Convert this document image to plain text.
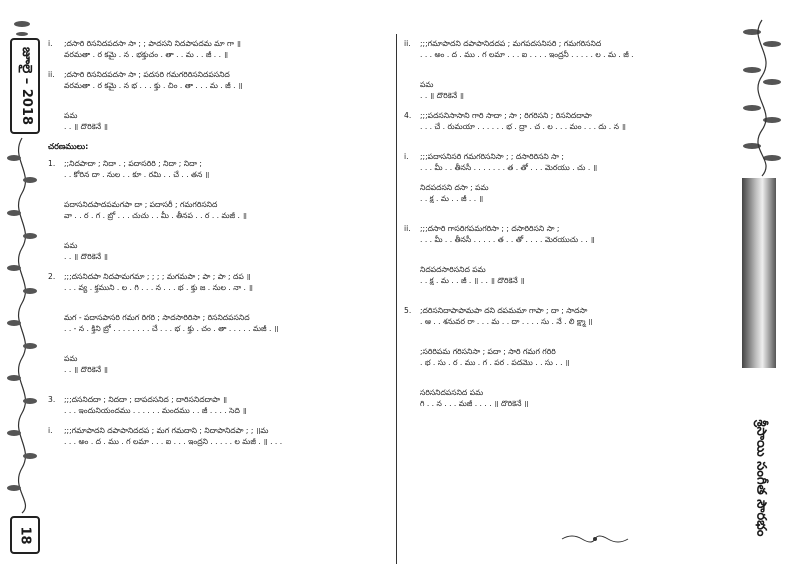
జూలై – 2018
18	శ్రీసాయి సంగీత సౌరభం
i.	;దసారి రిసనిదపదసా సా ; ; పాదసని నిదపాపదమ మా గా ॥
వరమతా . ర కమై . న . భక్తుచం . తా . . మ . . జీ . . ॥
ii.	;దసారి రిసనిదపదసా సా ; పదసరి గమగరిరిసనిదపసనిద
వరమతా . ర కమై . న భ . . . క్తు . చిం . తా . . . మ . జీ . ॥
పమ
. . ॥ దొరికెనే ॥
చరణములు:
1.	;;నిదపాదా ; నిదా . ; పదాసరిరి ; నిదా ; నిదా ;
. . కోరిన దా . నుల . . కూ . రమి . . చే . . తన ॥
పదాసనిదపాదపమగపా దా ; పదాసరీ ; గమగరిసనిద
వా . . ర . గ . బ్రో . . . చుచు . . మీ . తీనప . . ర . . మజీ . ॥
పమ
. . ॥ దొరికెనే ॥
2.	;;;దసనిదపా నిదపామగమా ; ; ; ; మగమపా ; పా ; పా ; దప ॥
. . . వ్య . క్తముని . ల . గి . . . న . . . భ . క్తు జ . నుల . నా . ॥
మగ - పదాసపాసరి గమగ రిగరి ; సాదసారిరిసా ; రిసనిదపసనిద
. . - న . క్తిని బ్రో . . . . . . . . చే . . . భ . క్తు . చం . తా . . . . . మజీ . ॥
పమ
. . ॥ దొరికెనే ॥
3.	;;;దసనిదదా ; నిదదా ; దాపదసనిద ; దారిసనిదదాపా ॥
. . . ఇందునియందము . . . . . . మందము . . జీ . . . . సెది ॥
i.	;;;గమాపాదని దపాపానిదదప ; మగ గమదాని ; నిదాపానిదపా ; ; ॥మ
. . . అం . ద . ము . గ లమా . . . ఐ . . . ఇంద్రని . . . . . ల మజీ . ॥ . . .
ii.	;;;గమాపాదని దపాపానిదదప ; మగపదసనిసరి ; గమగరిసనిద
. . . అం . ద . ము . గ లమా . . . ఐ . . . . ఇంద్రనీ . . . . . ల . మ . జీ .
పమ
. . ॥ దొరికెనే ॥
4.	;;;పదసనిసాసాని గారి సాదా ; సా ; రిగరిసని ; రిసనిదదాపా
. . . చే . రుమయా . . . . . . భ . ద్రా . చ . ల . . . మం . . . దు . న ॥
i.	;;;పదాసనిసరి గమగరిసనిసా ; ; దసారిరిసని సా ;
. . . మీ . . తీనసీ . . . . . . . త . తో . . . మెరయు . చు . ॥
నిదపదసని దసా ; పమ
. . క్ష . మ . . జీ . . ॥
ii.	;;;దసారి గాసరిగపమగరిసా ; ; దసారిరిసని సా ;
. . . మీ . . తీనసీ . . . . . త . . తో . . . . మెరయుచు . . ॥
నిదపదసారిసనిద పమ
. . క్ష . మ . . జీ . ॥ . . ॥ దొరికెనే ॥
5.	;దరిసనిదాపాపామపా దని దపమమా గాపా ; దా ; సాదసా
. ఆ . . శనువర రా . . . మ . . దా . . . . సు . నే . లి క్ష్మా ॥
;సరిరిపమ గరిసనిసా ; పదా ; సారి గమగ గరిరి
. భ . సు . ర . ము . గ . పర . పదమొ . . సు . . ॥
సరిసనిదపసనిద పమ
గి . . న . . . మజీ . . . . ॥ దొరికెనే ॥
